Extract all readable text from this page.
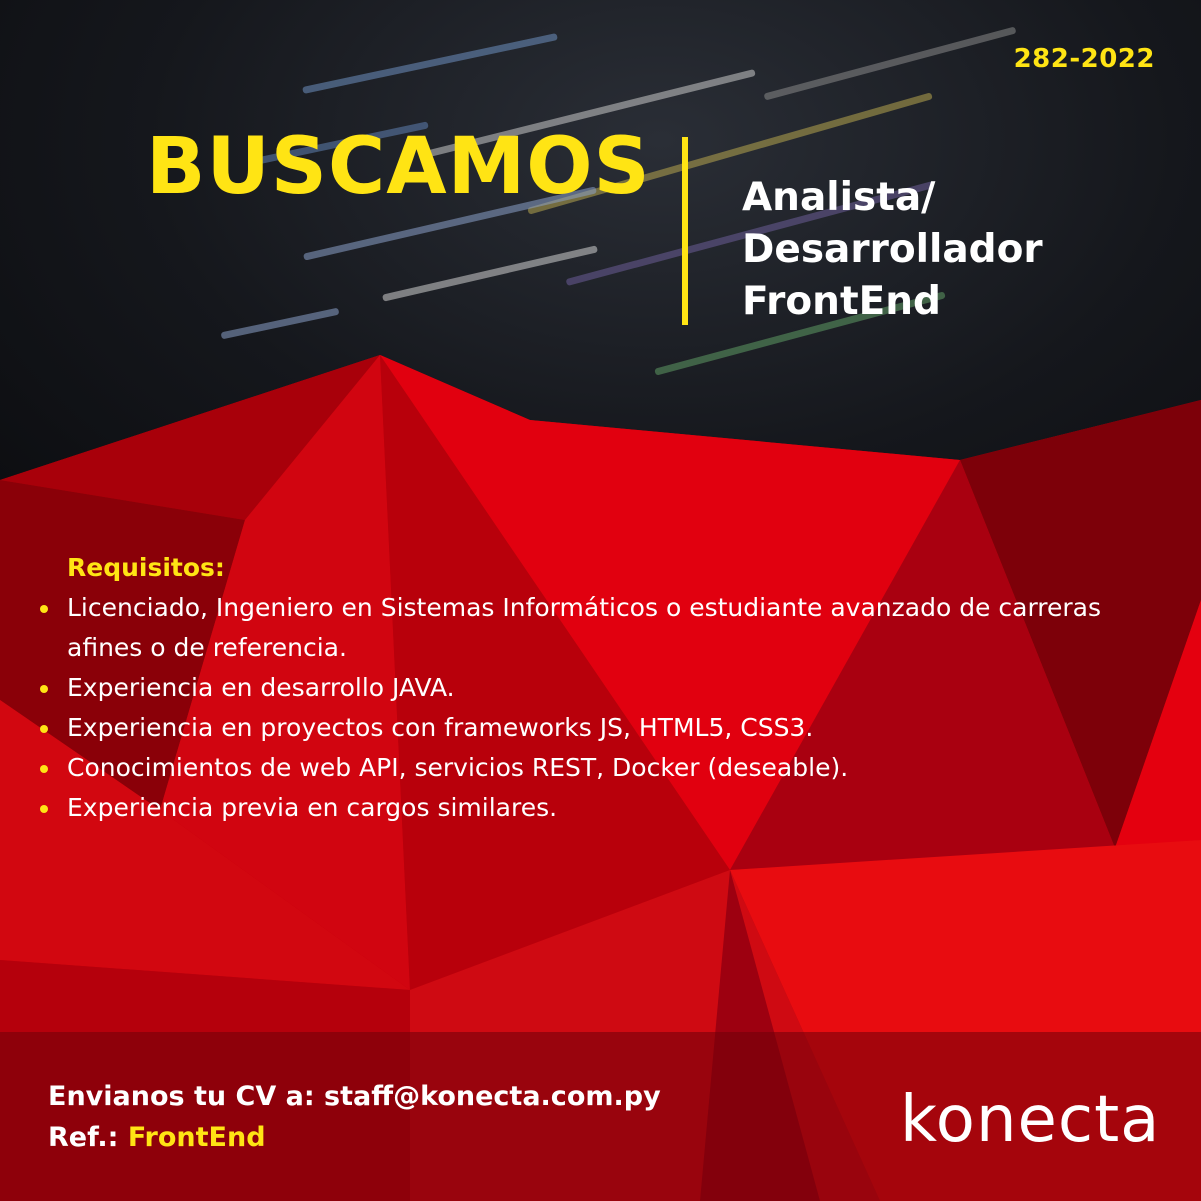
282-2022
BUSCAMOS Analista/
Desarrollador
FrontEnd
Requisitos:
Licenciado, Ingeniero en Sistemas Informáticos o estudiante avanzado de carreras afines o de referencia.
Experiencia en desarrollo JAVA.
Experiencia en proyectos con frameworks JS, HTML5, CSS3.
Conocimientos de web API, servicios REST, Docker (deseable).
Experiencia previa en cargos similares.
Envianos tu CV a: staff@konecta.com.py
Ref.: FrontEnd	konecta
